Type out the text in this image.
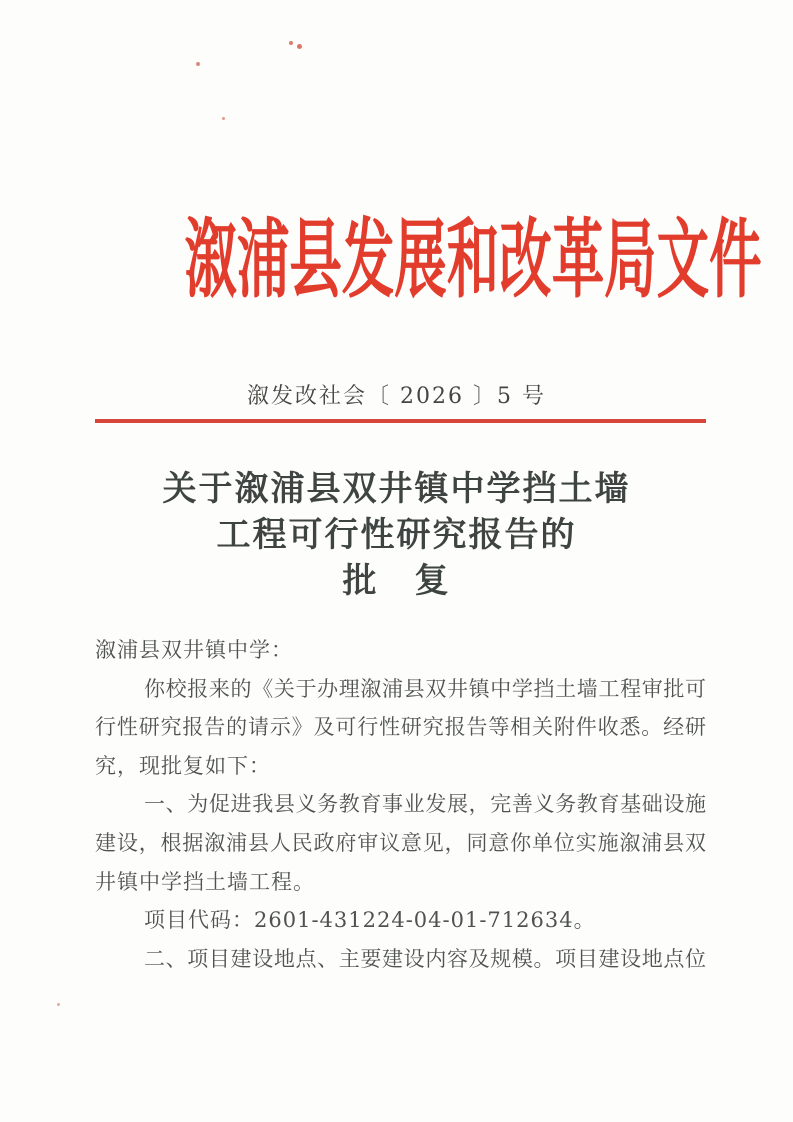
溆浦县发展和改革局文件
溆发改社会〔 2026 〕5 号
关于溆浦县双井镇中学挡土墙
工程可行性研究报告的
批　复
溆浦县双井镇中学：
你校报来的《关于办理溆浦县双井镇中学挡土墙工程审批可
行性研究报告的请示》及可行性研究报告等相关附件收悉。经研
究，现批复如下：
一、为促进我县义务教育事业发展，完善义务教育基础设施
建设，根据溆浦县人民政府审议意见，同意你单位实施溆浦县双
井镇中学挡土墙工程。
项目代码：2601-431224-04-01-712634。
二、项目建设地点、主要建设内容及规模。项目建设地点位
